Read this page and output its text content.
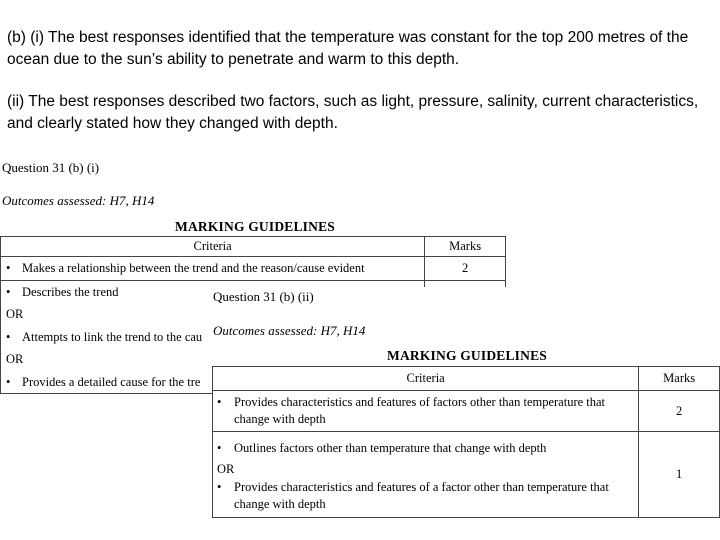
(b) (i) The best responses identified that the temperature was constant for the top 200 metres of the ocean due to the sun’s ability to penetrate and warm to this depth.
(ii) The best responses described two factors, such as light, pressure, salinity, current characteristics, and clearly stated how they changed with depth.
Question 31 (b) (i)
Outcomes assessed: H7, H14
MARKING GUIDELINES
Criteria	Marks

• Makes a relationship between the trend and the reason/cause evident	2

• Describes the trend
OR
• Attempts to link the trend to the cau
OR
• Provides a detailed cause for the tre

Question 31 (b) (ii)
Outcomes assessed: H7, H14
MARKING GUIDELINES
Criteria	Marks

• Provides characteristics and features of factors other than temperature that change with depth	2

• Outlines factors other than temperature that change with depth
OR
• Provides characteristics and features of a factor other than temperature that change with depth	1
